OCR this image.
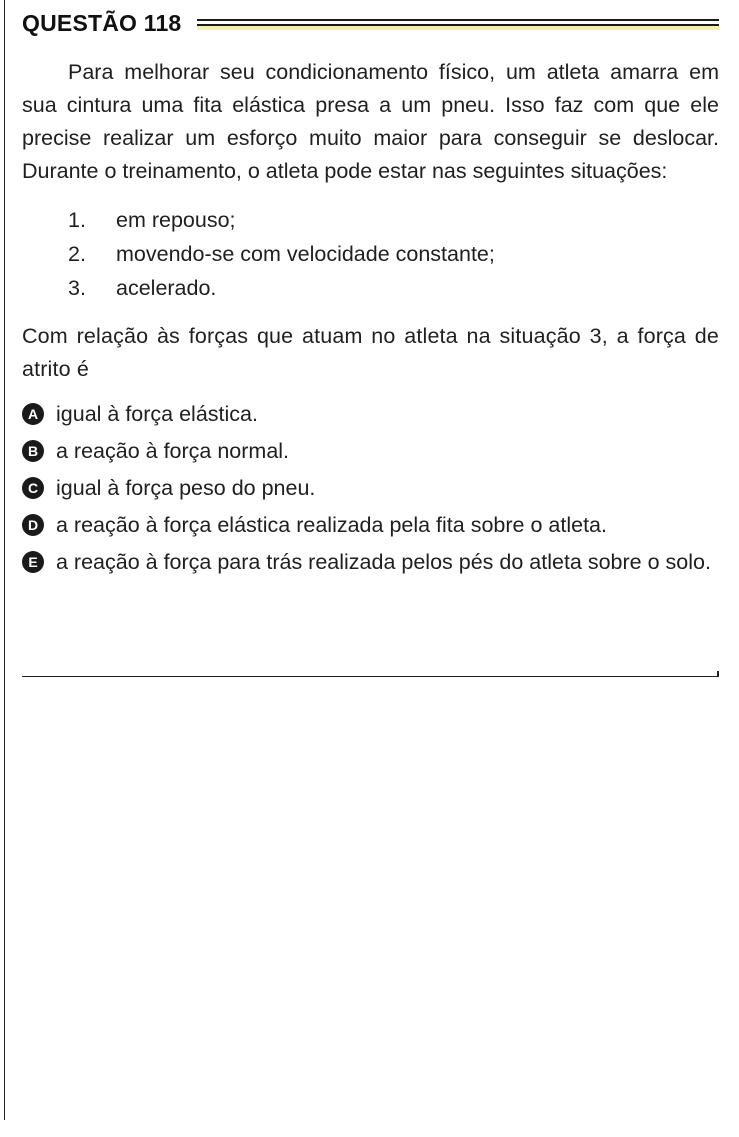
QUESTÃO 118

Para melhorar seu condicionamento físico, um atleta amarra em sua cintura uma fita elástica presa a um pneu. Isso faz com que ele precise realizar um esforço muito maior para conseguir se deslocar. Durante o treinamento, o atleta pode estar nas seguintes situações:

1.	em repouso;
2.	movendo-se com velocidade constante;
3.	acelerado.

Com relação às forças que atuam no atleta na situação 3, a força de atrito é

A igual à força elástica.
B a reação à força normal.
C igual à força peso do pneu.
D a reação à força elástica realizada pela fita sobre o atleta.
E a reação à força para trás realizada pelos pés do atleta sobre o solo.
